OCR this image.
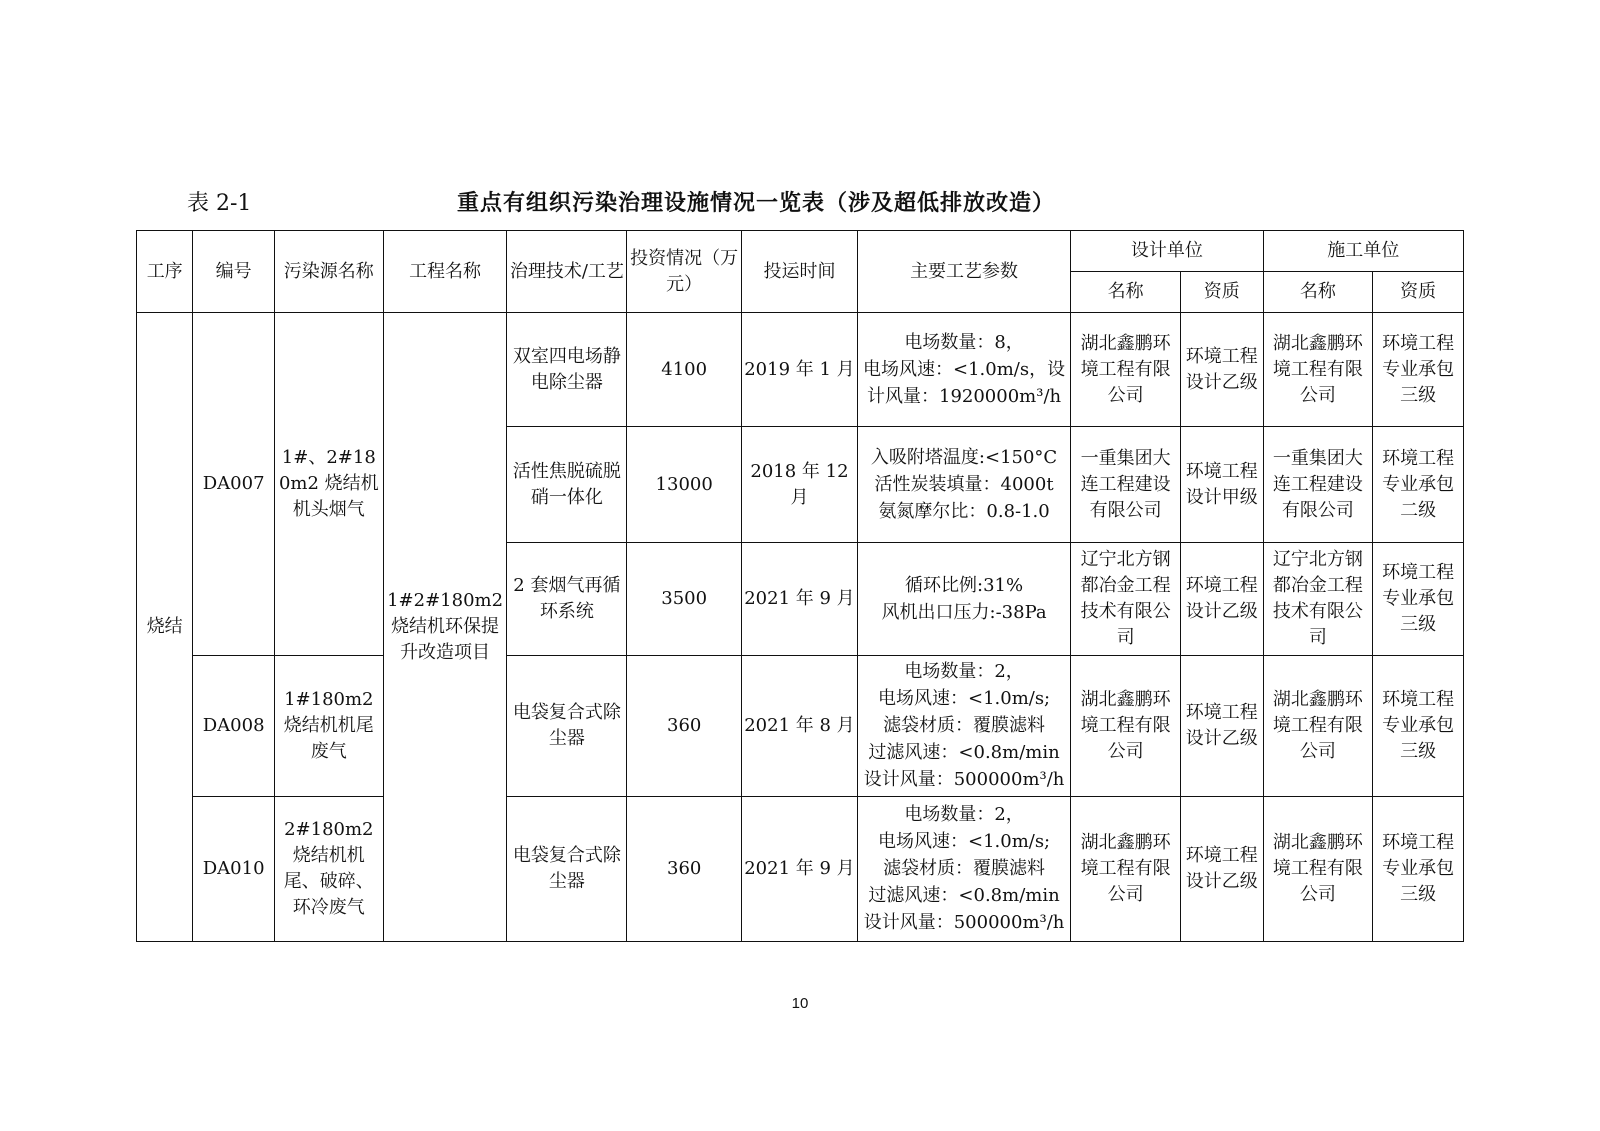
表 2-1	重点有组织污染治理设施情况一览表（涉及超低排放改造）
工序	编号	污染源名称	工程名称	治理技术/工艺	投资情况（万元）	投运时间	主要工艺参数	设计单位		施工单位	
								名称	资质	名称	资质
烧结	DA007	1#、2#180m2 烧结机机头烟气	1#2#180m2 烧结机环保提升改造项目	双室四电场静电除尘器	4100	2019 年 1 月	电场数量：8，
电场风速：<1.0m/s，设计风量：1920000m³/h	湖北鑫鹏环境工程有限公司	环境工程设计乙级	湖北鑫鹏环境工程有限公司	环境工程专业承包三级
				活性焦脱硫脱硝一体化	13000	2018 年 12 月	入吸附塔温度:<150°C
活性炭装填量：4000t
氨氮摩尔比：0.8-1.0	一重集团大连工程建设有限公司	环境工程设计甲级	一重集团大连工程建设有限公司	环境工程专业承包二级
				2 套烟气再循环系统	3500	2021 年 9 月	循环比例:31%
风机出口压力:-38Pa	辽宁北方钢都冶金工程技术有限公司	环境工程设计乙级	辽宁北方钢都冶金工程技术有限公司	环境工程专业承包三级
	DA008	1#180m2 烧结机机尾废气		电袋复合式除尘器	360	2021 年 8 月	电场数量：2，
电场风速：<1.0m/s;
滤袋材质：覆膜滤料
过滤风速：<0.8m/min
设计风量：500000m³/h	湖北鑫鹏环境工程有限公司	环境工程设计乙级	湖北鑫鹏环境工程有限公司	环境工程专业承包三级
	DA010	2#180m2 烧结机机尾、破碎、环冷废气		电袋复合式除尘器	360	2021 年 9 月	电场数量：2，
电场风速：<1.0m/s;
滤袋材质：覆膜滤料
过滤风速：<0.8m/min
设计风量：500000m³/h	湖北鑫鹏环境工程有限公司	环境工程设计乙级	湖北鑫鹏环境工程有限公司	环境工程专业承包三级
10
